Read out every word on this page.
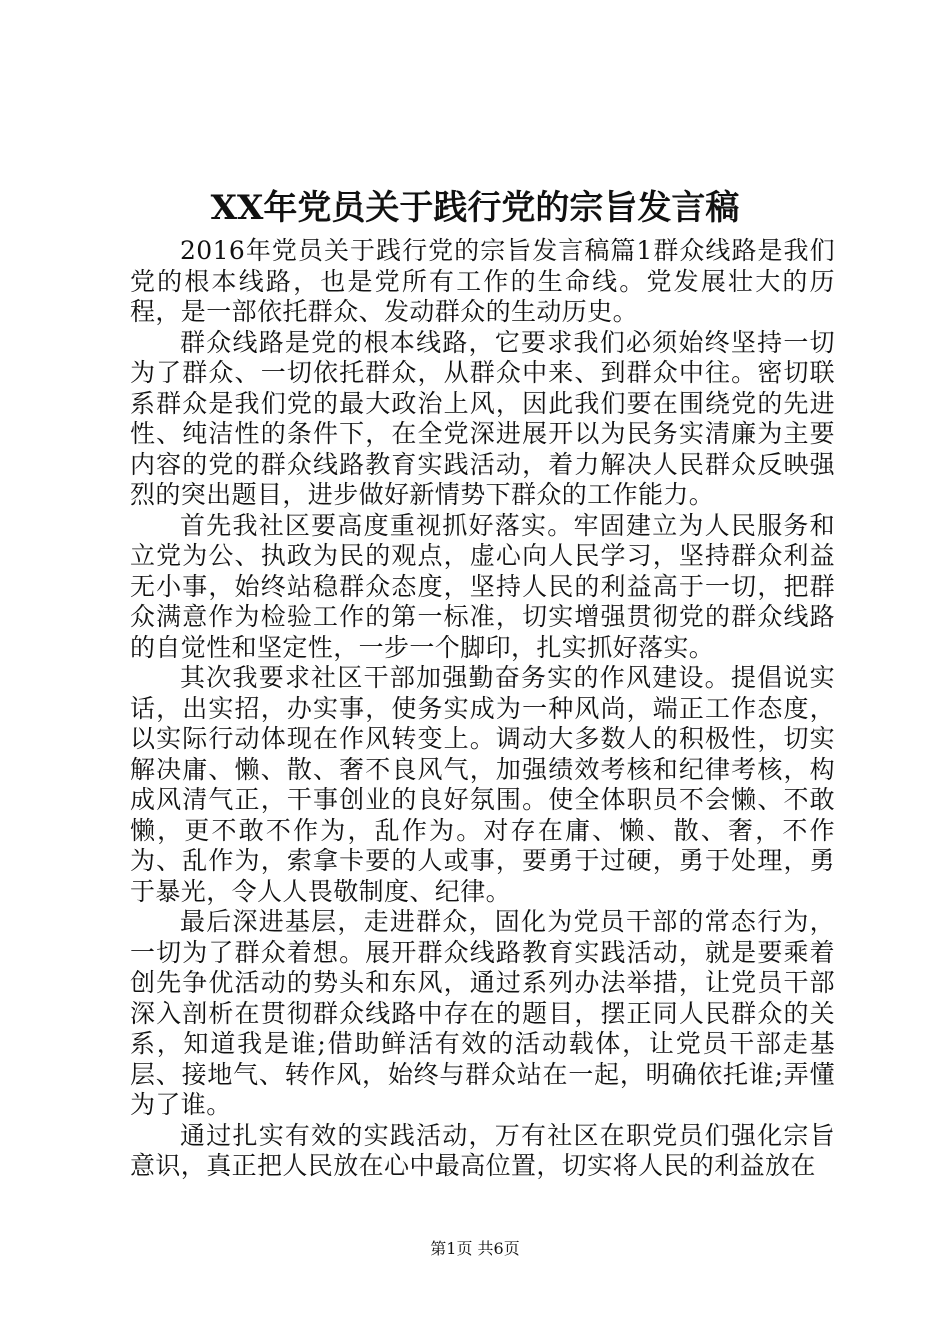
XX年党员关于践行党的宗旨发言稿

2016年党员关于践行党的宗旨发言稿篇1群众线路是我们党的根本线路，也是党所有工作的生命线。党发展壮大的历程，是一部依托群众、发动群众的生动历史。

群众线路是党的根本线路，它要求我们必须始终坚持一切为了群众、一切依托群众，从群众中来、到群众中往。密切联系群众是我们党的最大政治上风，因此我们要在围绕党的先进性、纯洁性的条件下，在全党深进展开以为民务实清廉为主要内容的党的群众线路教育实践活动，着力解决人民群众反映强烈的突出题目，进步做好新情势下群众的工作能力。

首先我社区要高度重视抓好落实。牢固建立为人民服务和立党为公、执政为民的观点，虚心向人民学习，坚持群众利益无小事，始终站稳群众态度，坚持人民的利益高于一切，把群众满意作为检验工作的第一标准，切实增强贯彻党的群众线路的自觉性和坚定性，一步一个脚印，扎实抓好落实。

其次我要求社区干部加强勤奋务实的作风建设。提倡说实话，出实招，办实事，使务实成为一种风尚，端正工作态度，以实际行动体现在作风转变上。调动大多数人的积极性，切实解决庸、懒、散、奢不良风气，加强绩效考核和纪律考核，构成风清气正，干事创业的良好氛围。使全体职员不会懒、不敢懒，更不敢不作为，乱作为。对存在庸、懒、散、奢，不作为、乱作为，索拿卡要的人或事，要勇于过硬，勇于处理，勇于暴光，令人人畏敬制度、纪律。

最后深进基层，走进群众，固化为党员干部的常态行为，一切为了群众着想。展开群众线路教育实践活动，就是要乘着创先争优活动的势头和东风，通过系列办法举措，让党员干部深入剖析在贯彻群众线路中存在的题目，摆正同人民群众的关系，知道我是谁;借助鲜活有效的活动载体，让党员干部走基层、接地气、转作风，始终与群众站在一起，明确依托谁;弄懂为了谁。

通过扎实有效的实践活动，万有社区在职党员们强化宗旨意识，真正把人民放在心中最高位置，切实将人民的利益放在

第1页 共6页
